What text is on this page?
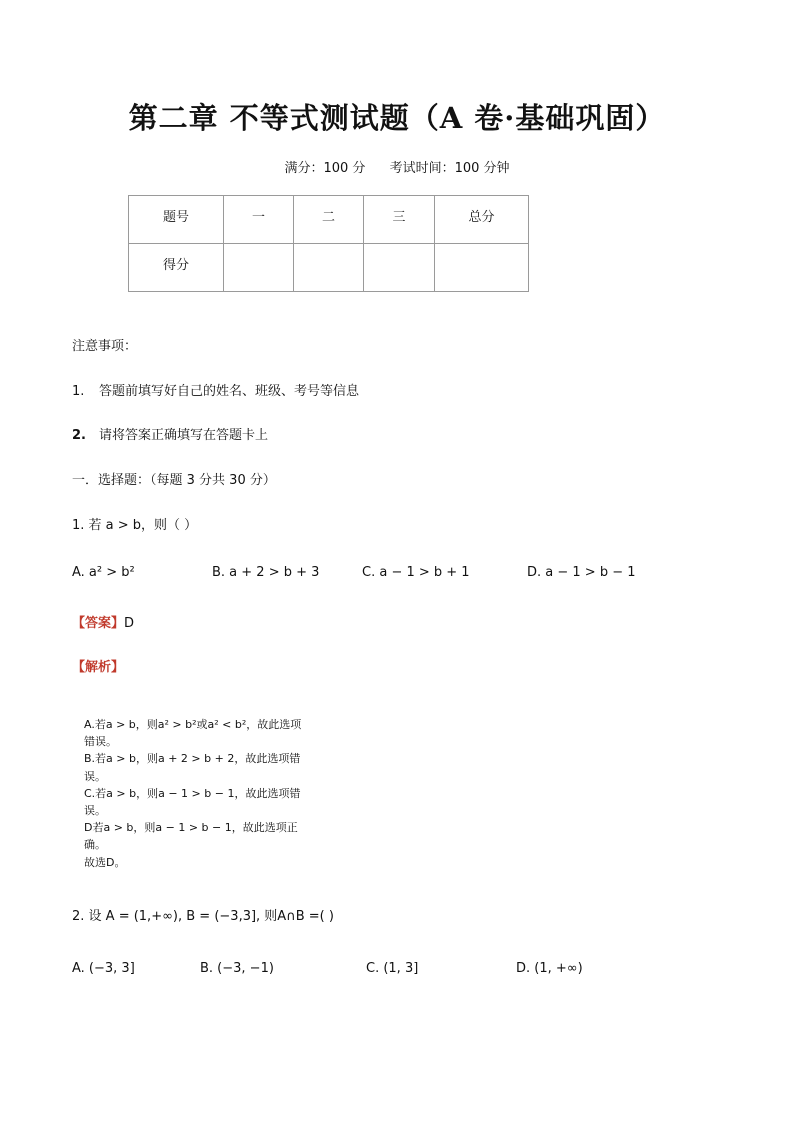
第二章 不等式测试题（A 卷·基础巩固）
满分：100 分 考试时间：100 分钟
题号	一	二	三	总分
得分				
注意事项：
1. 答题前填写好自己的姓名、班级、考号等信息
2. 请将答案正确填写在答题卡上
一．选择题：（每题 3 分共 30 分）
1. 若 a > b，则（ ）
A. a² > b²	B. a + 2 > b + 3	C. a − 1 > b + 1	D. a − 1 > b − 1
【答案】D
【解析】
A.若a > b，则a² > b²或a² < b²，故此选项
错误。
B.若a > b，则a + 2 > b + 2，故此选项错
误。
C.若a > b，则a − 1 > b − 1，故此选项错
误。
D若a > b，则a − 1 > b − 1，故此选项正
确。
故选D。
2. 设 A = (1,+∞), B = (−3,3], 则A∩B =( )
A. (−3, 3]	B. (−3, −1)	C. (1, 3]	D. (1, +∞)
